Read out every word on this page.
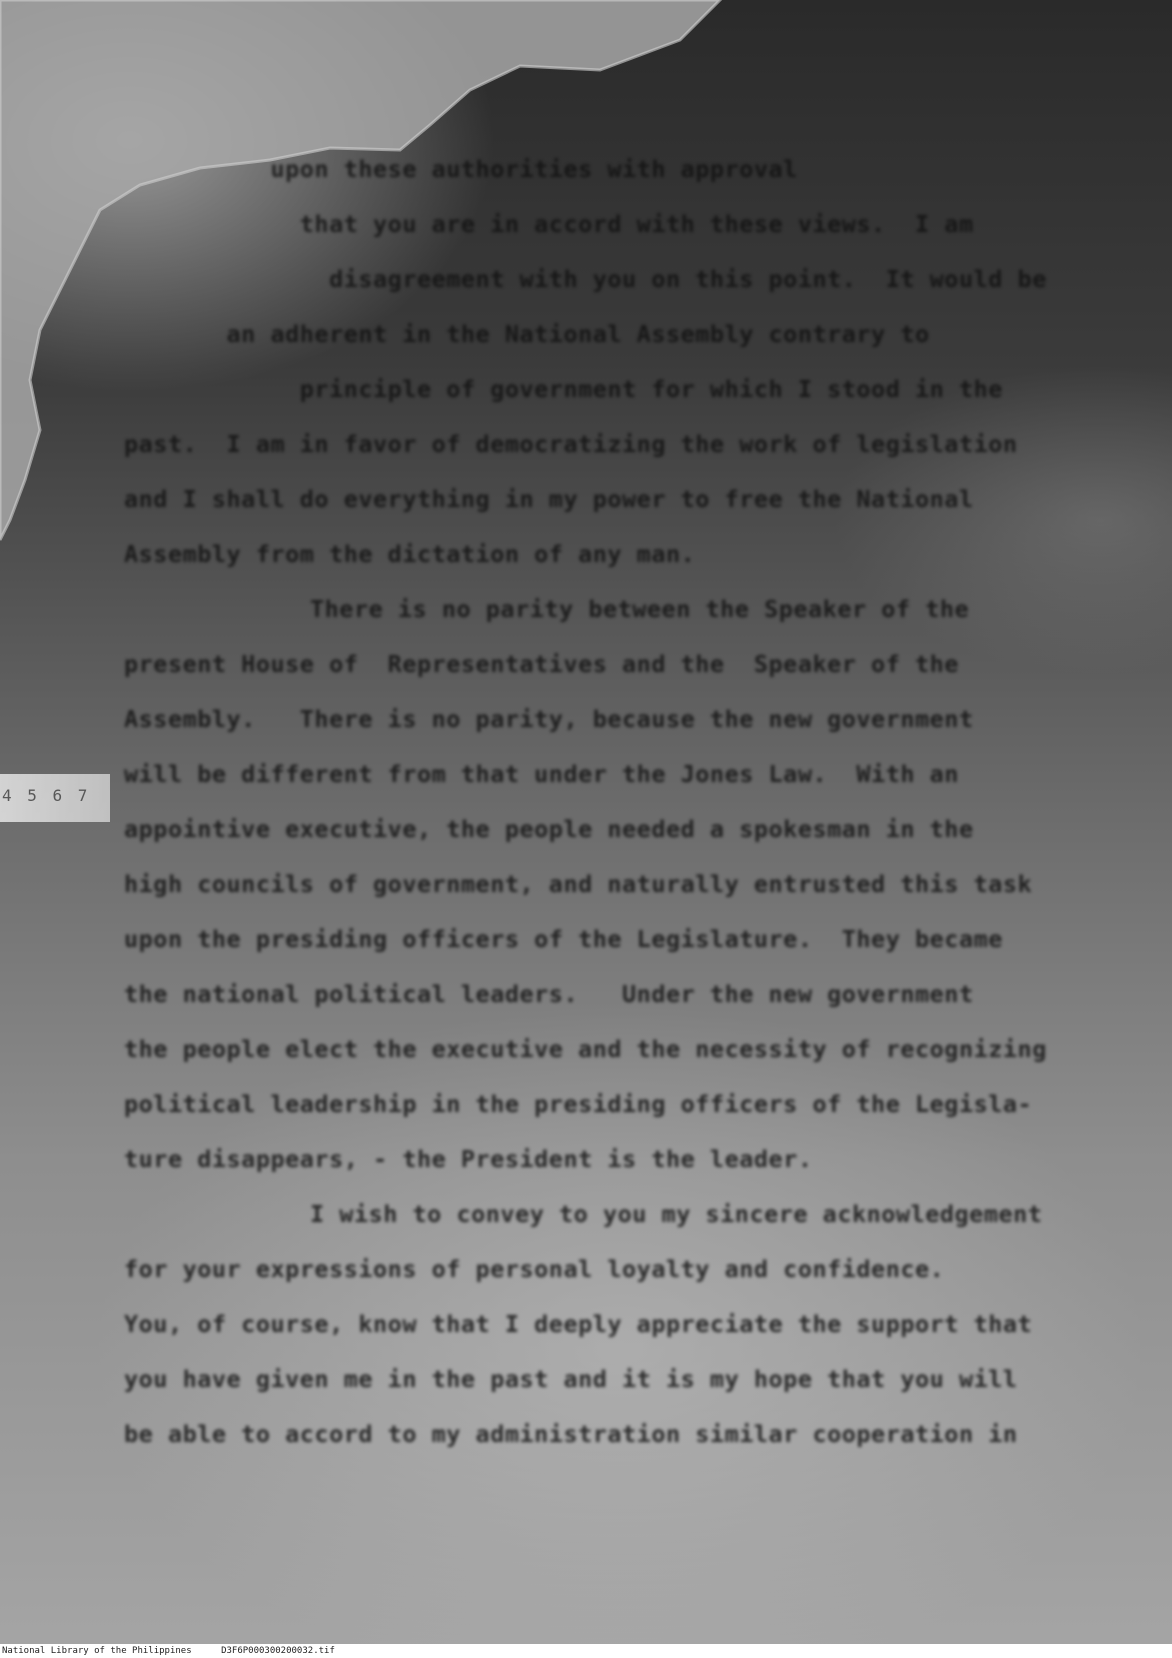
4 5 6 7
upon these authorities with approval
that you are in accord with these views.  I am
disagreement with you on this point.  It would be
an adherent in the National Assembly contrary to
principle of government for which I stood in the
past.  I am in favor of democratizing the work of legislation
and I shall do everything in my power to free the National
Assembly from the dictation of any man.
There is no parity between the Speaker of the
present House of  Representatives and the  Speaker of the
Assembly.   There is no parity, because the new government
will be different from that under the Jones Law.  With an
appointive executive, the people needed a spokesman in the
high councils of government, and naturally entrusted this task
upon the presiding officers of the Legislature.  They became
the national political leaders.   Under the new government
the people elect the executive and the necessity of recognizing
political leadership in the presiding officers of the Legisla-
ture disappears, - the President is the leader.
I wish to convey to you my sincere acknowledgement
for your expressions of personal loyalty and confidence.
You, of course, know that I deeply appreciate the support that
you have given me in the past and it is my hope that you will
be able to accord to my administration similar cooperation in
National Library of the Philippines	D3F6P000300200032.tif
